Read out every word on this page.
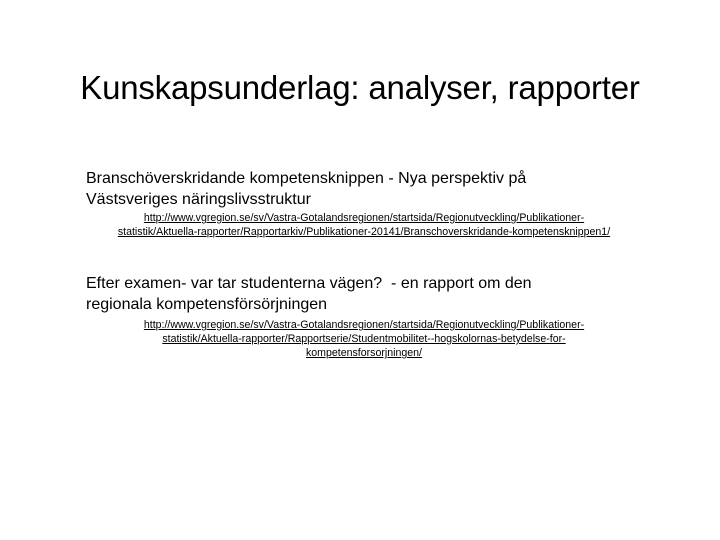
Kunskapsunderlag: analyser, rapporter

Branschöverskridande kompetensknippen - Nya perspektiv på
Västsveriges näringslivsstruktur

http://www.vgregion.se/sv/Vastra-Gotalandsregionen/startsida/Regionutveckling/Publikationer-
statistik/Aktuella-rapporter/Rapportarkiv/Publikationer-20141/Branschoverskridande-kompetensknippen1/

Efter examen- var tar studenterna vägen?  - en rapport om den
regionala kompetensförsörjningen

http://www.vgregion.se/sv/Vastra-Gotalandsregionen/startsida/Regionutveckling/Publikationer-
statistik/Aktuella-rapporter/Rapportserie/Studentmobilitet--hogskolornas-betydelse-for-
kompetensforsorjningen/
